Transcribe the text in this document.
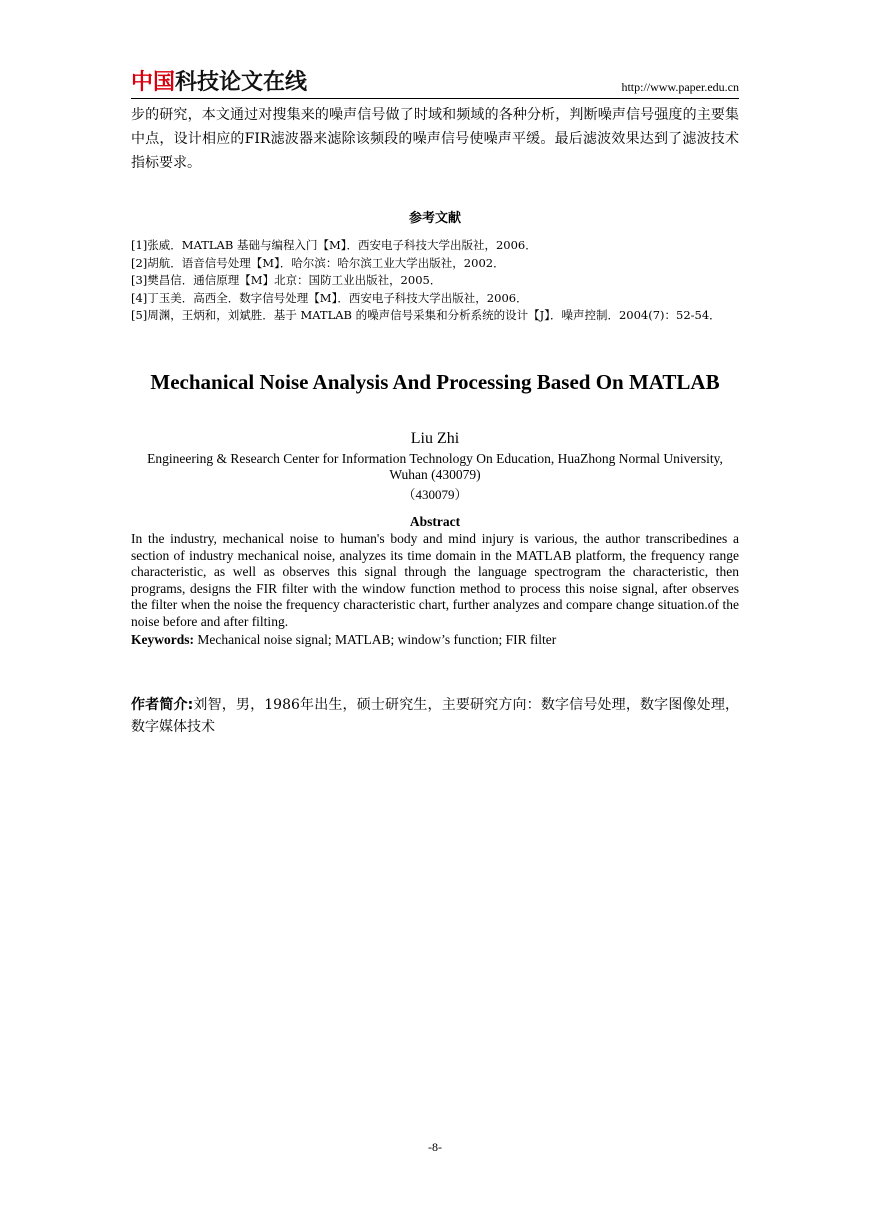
中国科技论文在线	http://www.paper.edu.cn

步的研究，本文通过对搜集来的噪声信号做了时域和频域的各种分析，判断噪声信号强度的主要集中点，设计相应的FIR滤波器来滤除该频段的噪声信号使噪声平缓。最后滤波效果达到了滤波技术指标要求。

参考文献
[1]张威．MATLAB 基础与编程入门【M】．西安电子科技大学出版社，2006．
[2]胡航．语音信号处理【M】．哈尔滨：哈尔滨工业大学出版社，2002．
[3]樊昌信．通信原理【M】北京：国防工业出版社，2005．
[4]丁玉美．高西全．数字信号处理【M】．西安电子科技大学出版社，2006．
[5]周渊，王炳和，刘斌胜．基于 MATLAB 的噪声信号采集和分析系统的设计【J】．噪声控制．2004(7)：52-54．
Mechanical Noise Analysis And Processing Based On MATLAB
Liu Zhi
Engineering & Research Center for Information Technology On Education, HuaZhong Normal University, Wuhan (430079)
（430079）
Abstract

In the industry, mechanical noise to human's body and mind injury is various, the author transcribedines a section of industry mechanical noise, analyzes its time domain in the MATLAB platform, the frequency range characteristic, as well as observes this signal through the language spectrogram the characteristic, then programs, designs the FIR filter with the window function method to process this noise signal, after observes the filter when the noise the frequency characteristic chart, further analyzes and compare change situation.of the noise before and after filting.

Keywords: Mechanical noise signal; MATLAB; window’s function; FIR filter

作者简介:刘智，男，1986年出生，硕士研究生，主要研究方向：数字信号处理，数字图像处理，数字媒体技术

-8-
